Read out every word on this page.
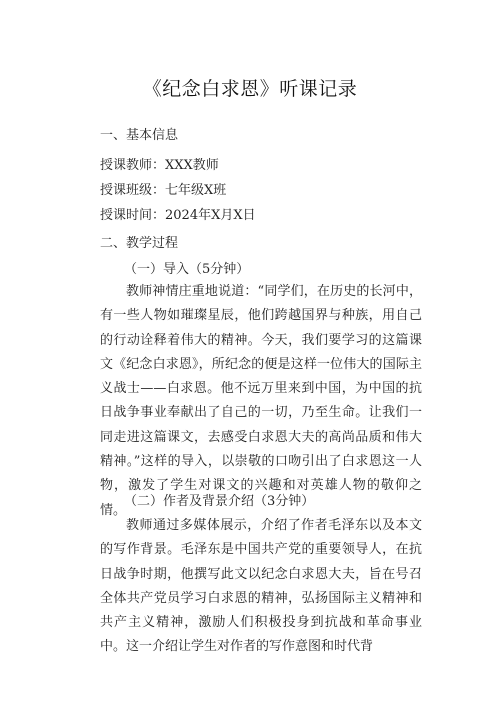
《纪念白求恩》听课记录
一、基本信息
授课教师：XXX教师
授课班级：七年级X班
授课时间：2024年X月X日
二、教学过程
（一）导入（5分钟）

教师神情庄重地说道：“同学们，在历史的长河中，有一些人物如璀璨星辰，他们跨越国界与种族，用自己的行动诠释着伟大的精神。今天，我们要学习的这篇课文《纪念白求恩》，所纪念的便是这样一位伟大的国际主义战士——白求恩。他不远万里来到中国，为中国的抗日战争事业奉献出了自己的一切，乃至生命。让我们一同走进这篇课文，去感受白求恩大夫的高尚品质和伟大精神。”这样的导入，以崇敬的口吻引出了白求恩这一人物，激发了学生对课文的兴趣和对英雄人物的敬仰之情。

（二）作者及背景介绍（3分钟）

教师通过多媒体展示，介绍了作者毛泽东以及本文的写作背景。毛泽东是中国共产党的重要领导人，在抗日战争时期，他撰写此文以纪念白求恩大夫，旨在号召全体共产党员学习白求恩的精神，弘扬国际主义精神和共产主义精神，激励人们积极投身到抗战和革命事业中。这一介绍让学生对作者的写作意图和时代背
